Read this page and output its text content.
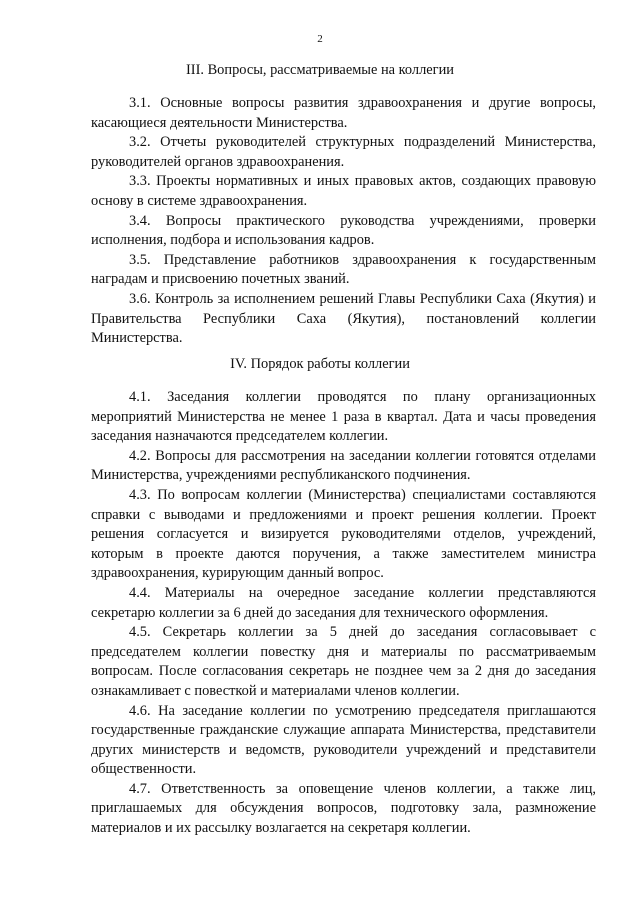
2
III. Вопросы, рассматриваемые на коллегии

3.1. Основные вопросы развития здравоохранения и другие вопросы, касающиеся деятельности Министерства.

3.2. Отчеты руководителей структурных подразделений Министерства, руководителей органов здравоохранения.

3.3. Проекты нормативных и иных правовых актов, создающих правовую основу в системе здравоохранения.

3.4. Вопросы практического руководства учреждениями, проверки исполнения, подбора и использования кадров.

3.5. Представление работников здравоохранения к государственным наградам и присвоению почетных званий.

3.6. Контроль за исполнением решений Главы Республики Саха (Якутия) и Правительства Республики Саха (Якутия), постановлений коллегии Министерства.

IV. Порядок работы коллегии

4.1. Заседания коллегии проводятся по плану организационных мероприятий Министерства не менее 1 раза в квартал. Дата и часы проведения заседания назначаются председателем коллегии.

4.2. Вопросы для рассмотрения на заседании коллегии готовятся отделами Министерства, учреждениями республиканского подчинения.

4.3. По вопросам коллегии (Министерства) специалистами составляются справки с выводами и предложениями и проект решения коллегии. Проект решения согласуется и визируется руководителями отделов, учреждений, которым в проекте даются поручения, а также заместителем министра здравоохранения, курирующим данный вопрос.

4.4. Материалы на очередное заседание коллегии представляются секретарю коллегии за 6 дней до заседания для технического оформления.

4.5. Секретарь коллегии за 5 дней до заседания согласовывает с председателем коллегии повестку дня и материалы по рассматриваемым вопросам. После согласования секретарь не позднее чем за 2 дня до заседания ознакамливает с повесткой и материалами членов коллегии.

4.6. На заседание коллегии по усмотрению председателя приглашаются государственные гражданские служащие аппарата Министерства, представители других министерств и ведомств, руководители учреждений и представители общественности.

4.7. Ответственность за оповещение членов коллегии, а также лиц, приглашаемых для обсуждения вопросов, подготовку зала, размножение материалов и их рассылку возлагается на секретаря коллегии.
